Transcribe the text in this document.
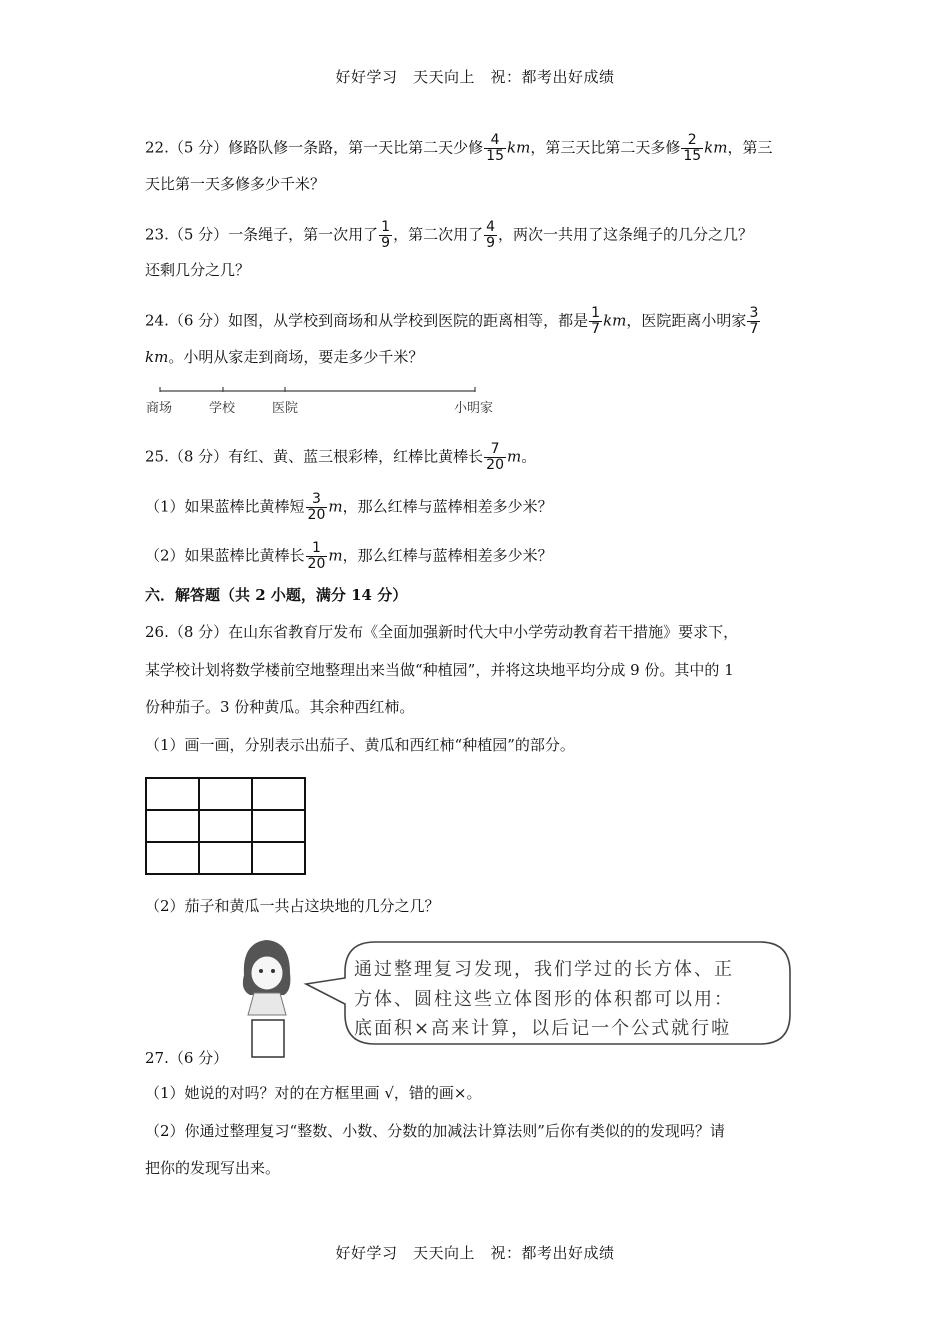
好好学习　天天向上　祝：都考出好成绩
22.（5 分）修路队修一条路，第一天比第二天少修 $\frac{4}{15}$ km，第三天比第二天多修 $\frac{2}{15}$ km，第三
天比第一天多修多少千米？
23.（5 分）一条绳子，第一次用了 $\frac{1}{9}$ ，第二次用了 $\frac{4}{9}$ ，两次一共用了这条绳子的几分之几？
还剩几分之几？
24.（6 分）如图，从学校到商场和从学校到医院的距离相等，都是 $\frac{1}{7}$ km，医院距离小明家 $\frac{3}{7}$
km。小明从家走到商场，要走多少千米？
商场	学校	医院	小明家
25.（8 分）有红、黄、蓝三根彩棒，红棒比黄棒长 $\frac{7}{20}$ m。
（1）如果蓝棒比黄棒短 $\frac{3}{20}$ m，那么红棒与蓝棒相差多少米？
（2）如果蓝棒比黄棒长 $\frac{1}{20}$ m，那么红棒与蓝棒相差多少米？
六．解答题（共 2 小题，满分 14 分）
26.（8 分）在山东省教育厅发布《全面加强新时代大中小学劳动教育若干措施》要求下，
某学校计划将数学楼前空地整理出来当做“种植园”，并将这块地平均分成 9 份。其中的 1
份种茄子。3 份种黄瓜。其余种西红柿。
（1）画一画，分别表示出茄子、黄瓜和西红柿“种植园”的部分。

（2）茄子和黄瓜一共占这块地的几分之几？
通过整理复习发现，我们学过的长方体、正
方体、圆柱这些立体图形的体积都可以用：
底面积×高来计算，以后记一个公式就行啦
27.（6 分）
（1）她说的对吗？对的在方框里画 √，错的画×。
（2）你通过整理复习“整数、小数、分数的加减法计算法则”后你有类似的的发现吗？请
把你的发现写出来。
好好学习　天天向上　祝：都考出好成绩
